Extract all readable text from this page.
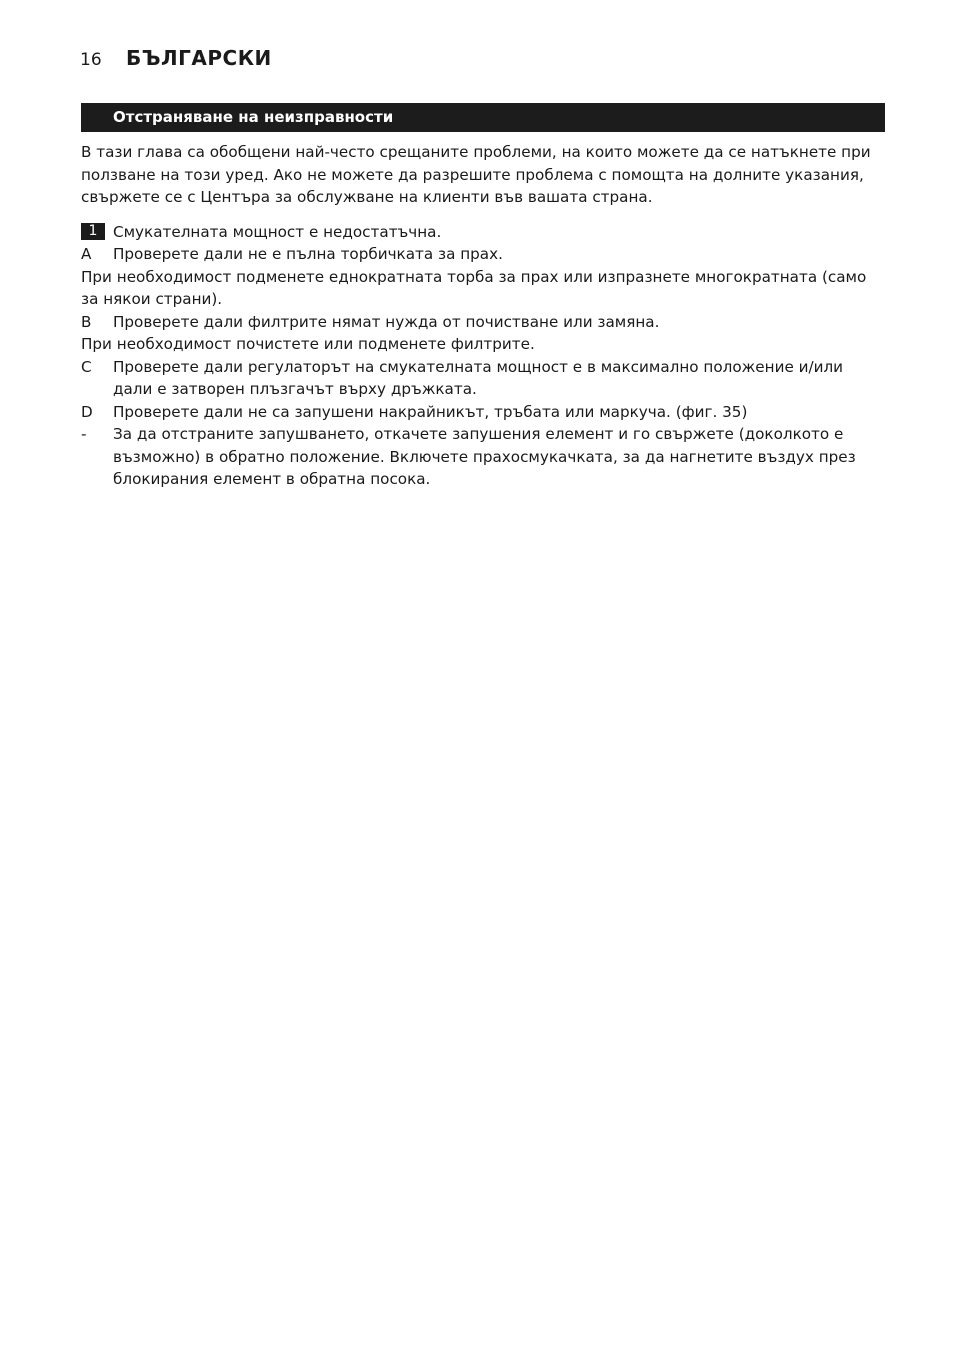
16	БЪЛГАРСКИ
Отстраняване на неизправности

В тази глава са обобщени най-често срещаните проблеми, на които можете да се натъкнете при ползване на този уред. Ако не можете да разрешите проблема с помощта на долните указания, свържете се с Центъра за обслужване на клиенти във вашата страна.

1	Смукателната мощност е недостатъчна.
A	Проверете дали не е пълна торбичката за прах.

При необходимост подменете еднократната торба за прах или изпразнете многократната (само за някои страни).

B	Проверете дали филтрите нямат нужда от почистване или замяна.

При необходимост почистете или подменете филтрите.

C	Проверете дали регулаторът на смукателната мощност е в максимално положение и/или дали е затворен плъзгачът върху дръжката.
D	Проверете дали не са запушени накрайникът, тръбата или маркуча. (фиг. 35)
-	За да отстраните запушването, откачете запушения елемент и го свържете (доколкото е възможно) в обратно положение. Включете прахосмукачката, за да нагнетите въздух през блокирания елемент в обратна посока.
